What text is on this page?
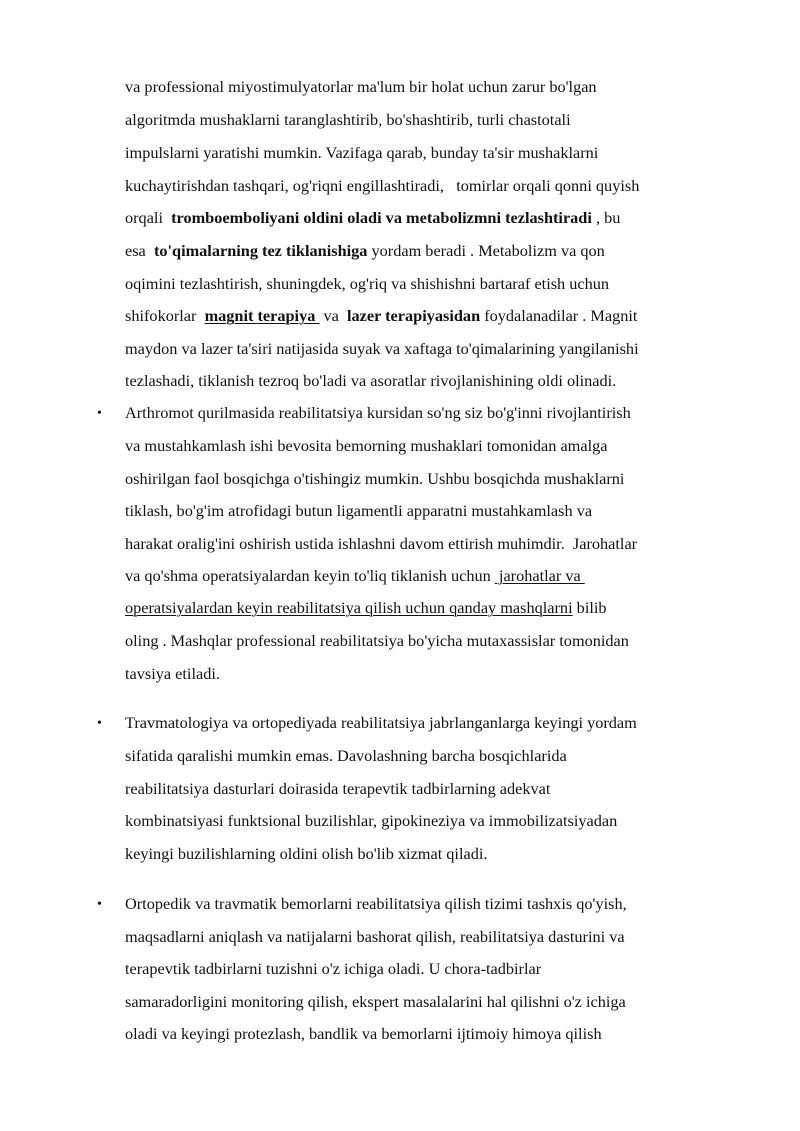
va professional miyostimulyatorlar ma'lum bir holat uchun zarur bo'lgan
algoritmda mushaklarni taranglashtirib, bo'shashtirib, turli chastotali
impulslarni yaratishi mumkin. Vazifaga qarab, bunday ta'sir mushaklarni
kuchaytirishdan tashqari, og'riqni engillashtiradi,   tomirlar orqali qonni quyish
orqali  tromboemboliyani oldini oladi va metabolizmni tezlashtiradi , bu
esa  to'qimalarning tez tiklanishiga yordam beradi . Metabolizm va qon
oqimini tezlashtirish, shuningdek, og'riq va shishishni bartaraf etish uchun
shifokorlar  magnit terapiya  va  lazer terapiyasidan foydalanadilar . Magnit
maydon va lazer ta'siri natijasida suyak va xaftaga to'qimalarining yangilanishi
tezlashadi, tiklanish tezroq bo'ladi va asoratlar rivojlanishining oldi olinadi.
• Arthromot qurilmasida reabilitatsiya kursidan so'ng siz bo'g'inni rivojlantirish
va mustahkamlash ishi bevosita bemorning mushaklari tomonidan amalga
oshirilgan faol bosqichga o'tishingiz mumkin. Ushbu bosqichda mushaklarni
tiklash, bo'g'im atrofidagi butun ligamentli apparatni mustahkamlash va
harakat oralig'ini oshirish ustida ishlashni davom ettirish muhimdir.  Jarohatlar
va qo'shma operatsiyalardan keyin to'liq tiklanish uchun  jarohatlar va
operatsiyalardan keyin reabilitatsiya qilish uchun qanday mashqlarni bilib
oling . Mashqlar professional reabilitatsiya bo'yicha mutaxassislar tomonidan
tavsiya etiladi.
• Travmatologiya va ortopediyada reabilitatsiya jabrlanganlarga keyingi yordam
sifatida qaralishi mumkin emas. Davolashning barcha bosqichlarida
reabilitatsiya dasturlari doirasida terapevtik tadbirlarning adekvat
kombinatsiyasi funktsional buzilishlar, gipokineziya va immobilizatsiyadan
keyingi buzilishlarning oldini olish bo'lib xizmat qiladi.
• Ortopedik va travmatik bemorlarni reabilitatsiya qilish tizimi tashxis qo'yish,
maqsadlarni aniqlash va natijalarni bashorat qilish, reabilitatsiya dasturini va
terapevtik tadbirlarni tuzishni o'z ichiga oladi. U chora-tadbirlar
samaradorligini monitoring qilish, ekspert masalalarini hal qilishni o'z ichiga
oladi va keyingi protezlash, bandlik va bemorlarni ijtimoiy himoya qilish
